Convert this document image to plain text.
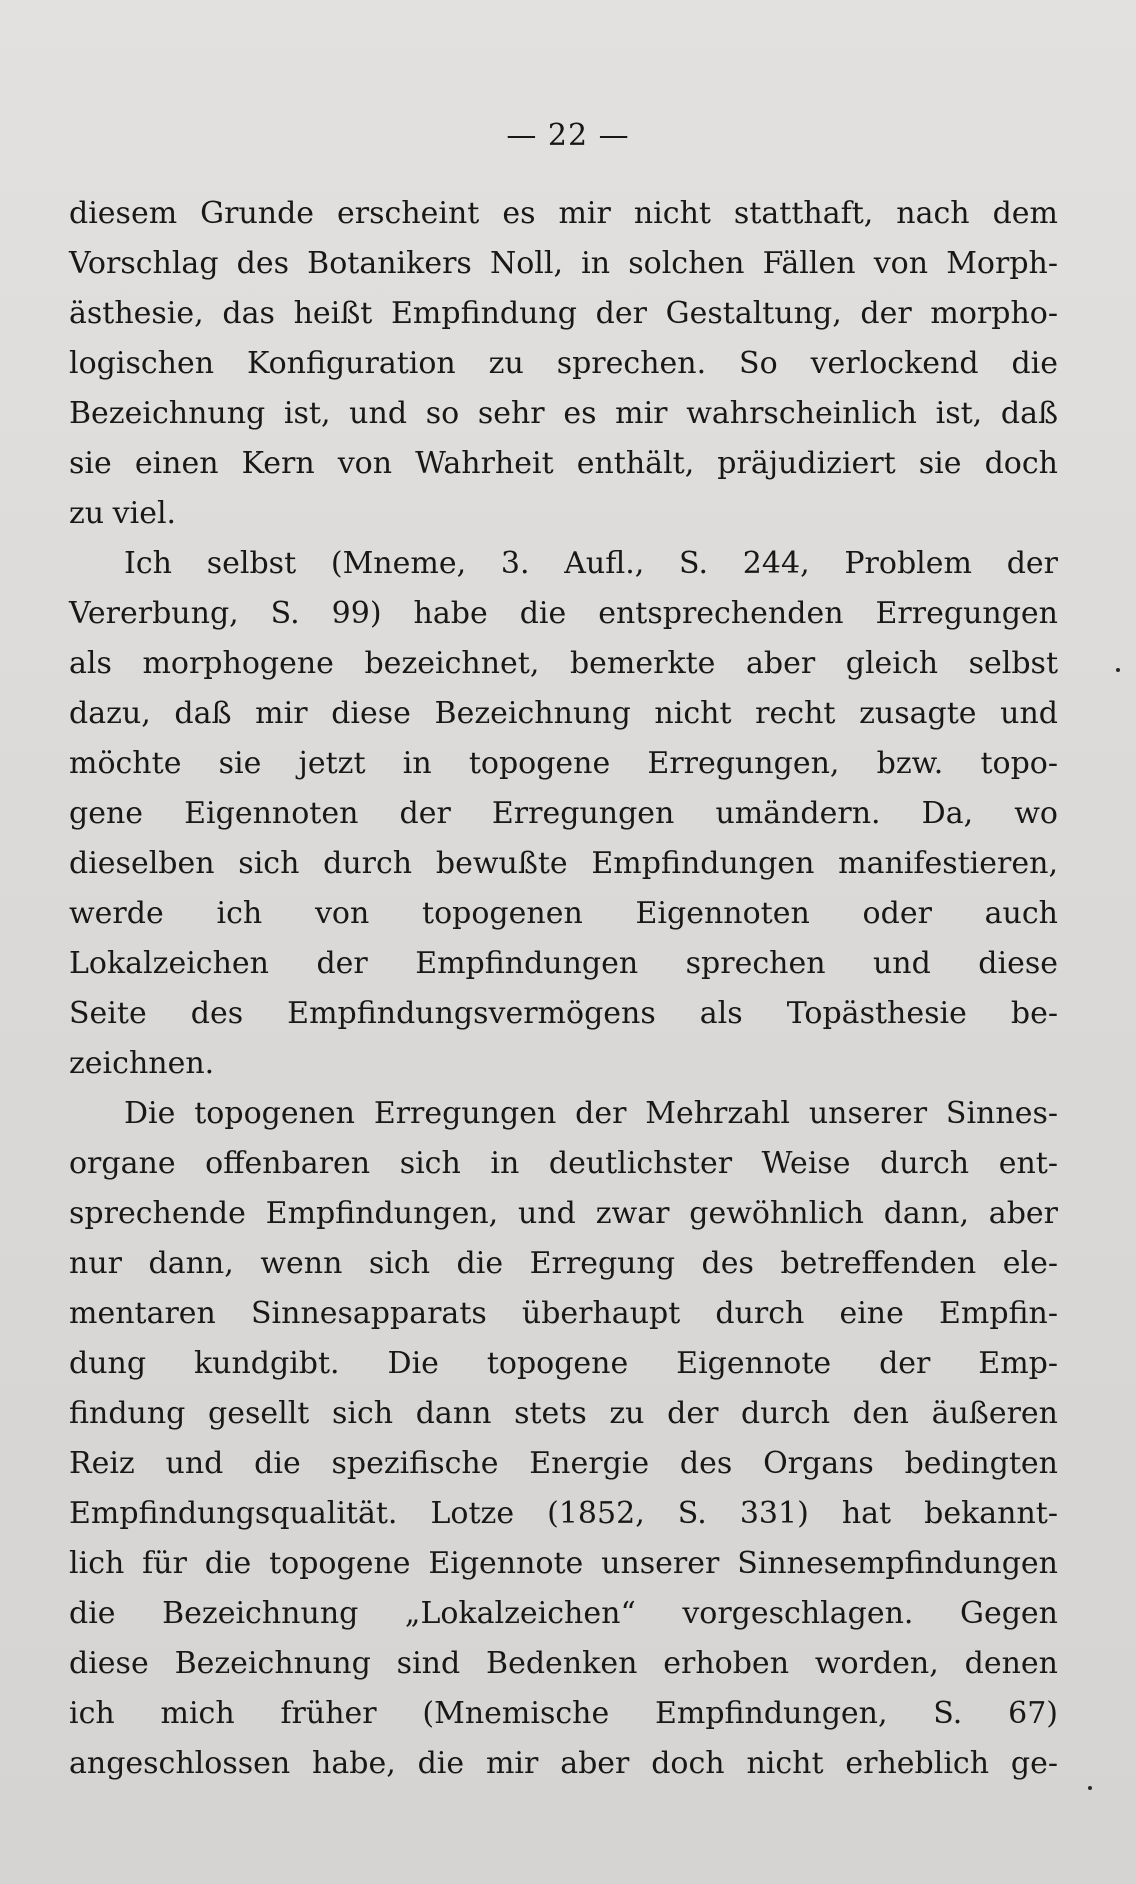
— 22 —
diesem Grunde erscheint es mir nicht statthaft, nach dem
Vorschlag des Botanikers Noll, in solchen Fällen von Morph-
ästhesie, das heißt Empfindung der Gestaltung, der morpho-
logischen Konfiguration zu sprechen. So verlockend die
Bezeichnung ist, und so sehr es mir wahrscheinlich ist, daß
sie einen Kern von Wahrheit enthält, präjudiziert sie doch
zu viel.
Ich selbst (Mneme, 3. Aufl., S. 244, Problem der
Vererbung, S. 99) habe die entsprechenden Erregungen
als morphogene bezeichnet, bemerkte aber gleich selbst
dazu, daß mir diese Bezeichnung nicht recht zusagte und
möchte sie jetzt in topogene Erregungen, bzw. topo-
gene Eigennoten der Erregungen umändern. Da, wo
dieselben sich durch bewußte Empfindungen manifestieren,
werde ich von topogenen Eigennoten oder auch
Lokalzeichen der Empfindungen sprechen und diese
Seite des Empfindungsvermögens als Topästhesie be-
zeichnen.
Die topogenen Erregungen der Mehrzahl unserer Sinnes-
organe offenbaren sich in deutlichster Weise durch ent-
sprechende Empfindungen, und zwar gewöhnlich dann, aber
nur dann, wenn sich die Erregung des betreffenden ele-
mentaren Sinnesapparats überhaupt durch eine Empfin-
dung kundgibt. Die topogene Eigennote der Emp-
findung gesellt sich dann stets zu der durch den äußeren
Reiz und die spezifische Energie des Organs bedingten
Empfindungsqualität. Lotze (1852, S. 331) hat bekannt-
lich für die topogene Eigennote unserer Sinnesempfindungen
die Bezeichnung „Lokalzeichen“ vorgeschlagen. Gegen
diese Bezeichnung sind Bedenken erhoben worden, denen
ich mich früher (Mnemische Empfindungen, S. 67)
angeschlossen habe, die mir aber doch nicht erheblich ge-
